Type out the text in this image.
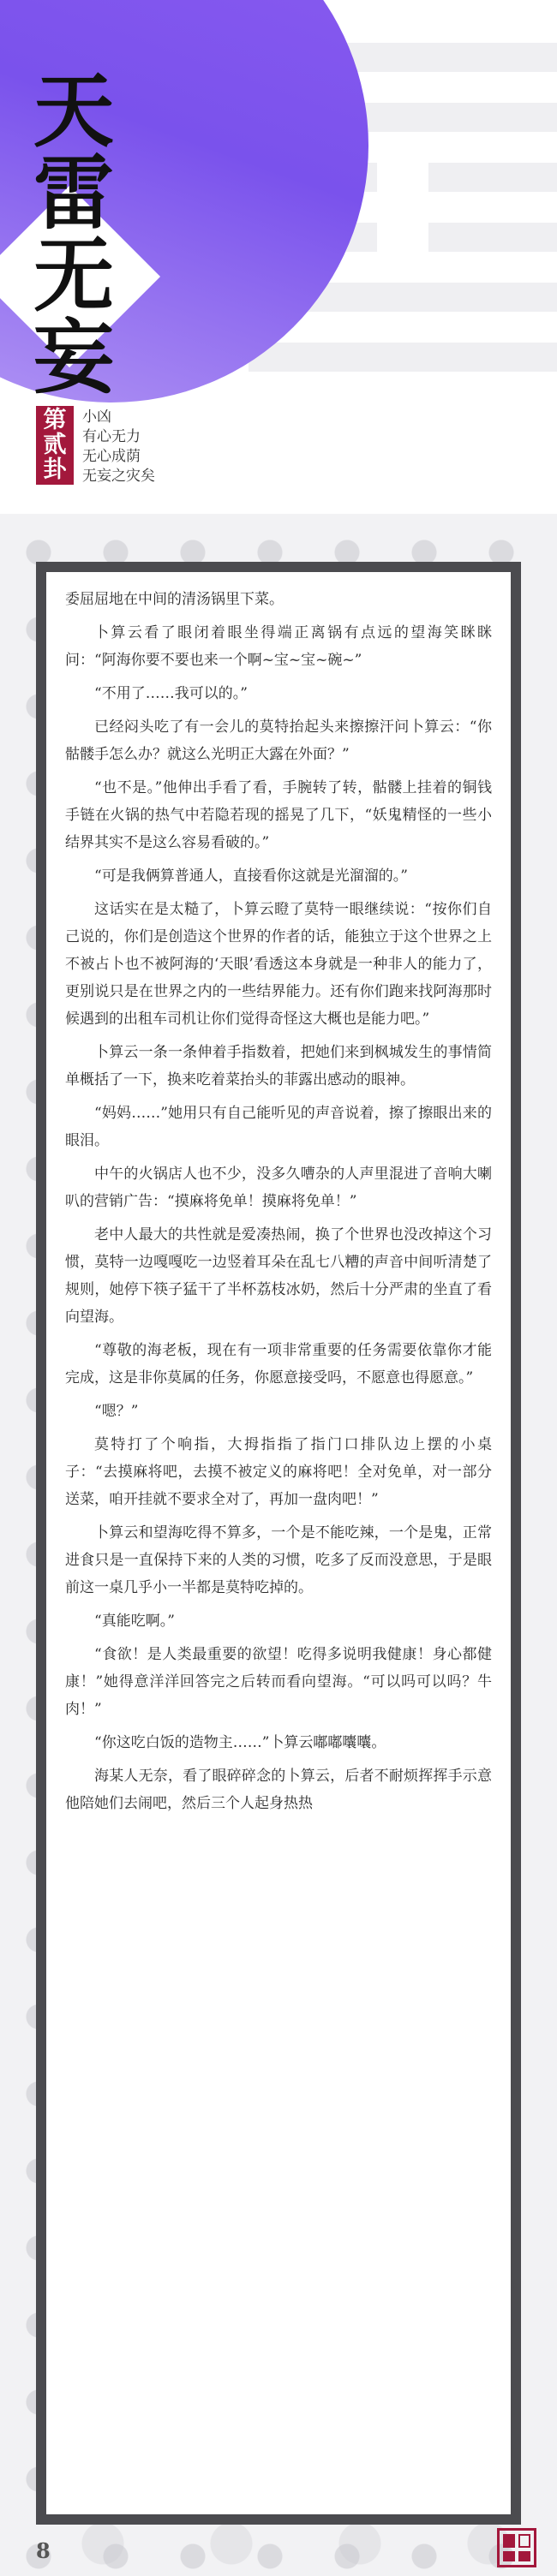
天
雷
无
妄
第
贰
卦
小凶
有心无力
无心成荫
无妄之灾矣

委屈屈地在中间的清汤锅里下菜。

卜算云看了眼闭着眼坐得端正离锅有点远的望海笑眯眯问：“阿海你要不要也来一个啊~宝~宝~碗~”

“不用了……我可以的。”

已经闷头吃了有一会儿的莫特抬起头来擦擦汗问卜算云：“你骷髅手怎么办？就这么光明正大露在外面？”

“也不是。”他伸出手看了看，手腕转了转，骷髅上挂着的铜钱手链在火锅的热气中若隐若现的摇晃了几下，“妖鬼精怪的一些小结界其实不是这么容易看破的。”

“可是我俩算普通人，直接看你这就是光溜溜的。”

这话实在是太糙了，卜算云瞪了莫特一眼继续说：“按你们自己说的，你们是创造这个世界的作者的话，能独立于这个世界之上不被占卜也不被阿海的‘天眼’看透这本身就是一种非人的能力了，更别说只是在世界之内的一些结界能力。还有你们跑来找阿海那时候遇到的出租车司机让你们觉得奇怪这大概也是能力吧。”

卜算云一条一条伸着手指数着，把她们来到枫城发生的事情简单概括了一下，换来吃着菜抬头的菲露出感动的眼神。

“妈妈……”她用只有自己能听见的声音说着，擦了擦眼出来的眼泪。

中午的火锅店人也不少，没多久嘈杂的人声里混进了音响大喇叭的营销广告：“摸麻将免单！摸麻将免单！”

老中人最大的共性就是爱凑热闹，换了个世界也没改掉这个习惯，莫特一边嘎嘎吃一边竖着耳朵在乱七八糟的声音中间听清楚了规则，她停下筷子猛干了半杯荔枝冰奶，然后十分严肃的坐直了看向望海。

“尊敬的海老板，现在有一项非常重要的任务需要依靠你才能完成，这是非你莫属的任务，你愿意接受吗，不愿意也得愿意。”

“嗯？”

莫特打了个响指，大拇指指了指门口排队边上摆的小桌子：“去摸麻将吧，去摸不被定义的麻将吧！全对免单，对一部分送菜，咱开挂就不要求全对了，再加一盘肉吧！”

卜算云和望海吃得不算多，一个是不能吃辣，一个是鬼，正常进食只是一直保持下来的人类的习惯，吃多了反而没意思，于是眼前这一桌几乎小一半都是莫特吃掉的。

“真能吃啊。”

“食欲！是人类最重要的欲望！吃得多说明我健康！身心都健康！”她得意洋洋回答完之后转而看向望海。“可以吗可以吗？牛肉！”

“你这吃白饭的造物主……”卜算云嘟嘟囔囔。

海某人无奈，看了眼碎碎念的卜算云，后者不耐烦挥挥手示意他陪她们去闹吧，然后三个人起身热热

8
